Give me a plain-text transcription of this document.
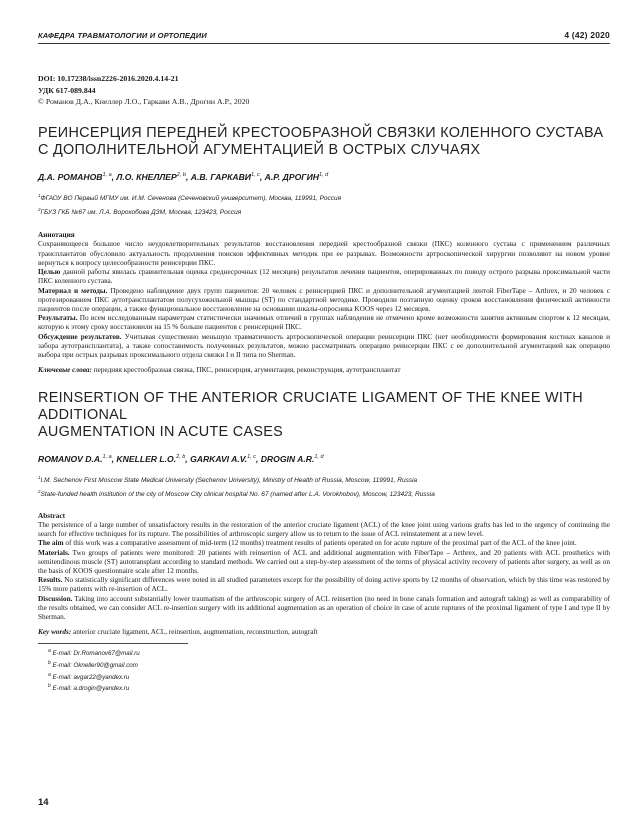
КАФЕДРА ТРАВМАТОЛОГИИ И ОРТОПЕДИИ	4 (42) 2020
DOI: 10.17238/issn2226-2016.2020.4.14-21
УДК 617-089.844
© Романов Д.А., Кнеллер Л.О., Гаркави А.В., Дрогин А.Р., 2020
РЕИНСЕРЦИЯ ПЕРЕДНЕЙ КРЕСТООБРАЗНОЙ СВЯЗКИ КОЛЕННОГО СУСТАВА
С ДОПОЛНИТЕЛЬНОЙ АГУМЕНТАЦИЕЙ В ОСТРЫХ СЛУЧАЯХ
Д.А. РОМАНОВ$^{1, a}$, Л.О. КНЕЛЛЕР$^{2, b}$, А.В. ГАРКАВИ$^{1, c}$, А.Р. ДРОГИН$^{1, d}$
$^1$ФГАОУ ВО Первый МГМУ им. И.М. Сеченова (Сеченовский университет), Москва, 119991, Россия
$^2$ГБУЗ ГКБ №67 им. Л.А. Ворохобова ДЗМ, Москва, 123423, Россия
Аннотация

Сохраняющееся большое число неудовлетворительных результатов восстановления передней крестообразной связки (ПКС) коленного сустава с применением различных трансплантатов обусловило актуальность продолжения поисков эффективных методик при ее разрывах. Возможности артроскопической хирургии позволяют на новом уровне вернуться к вопросу целесообразности реинсерции ПКС.

Целью данной работы явилась сравнительная оценка среднесрочных (12 месяцев) результатов лечения пациентов, оперированных по поводу острого разрыва проксимальной части ПКС коленного сустава.

Материал и методы. Проведено наблюдение двух групп пациентов: 20 человек с реинсерцией ПКС и дополнительной агументацией лентой FiberTape – Arthrex, и 20 человек с протезированием ПКС аутотрансплантатом полусухожильной мышцы (ST) по стандартной методике. Проводили поэтапную оценку сроков восстановления физической активности пациентов после операции, а также функциональное восстановление на основании шкалы-опросника KOOS через 12 месяцев.

Результаты. По всем исследованным параметрам статистически значимых отличий в группах наблюдения не отмечено кроме возможности занятия активным спортом к 12 месяцам, которую к этому сроку восстановили на 15 % больше пациентов с реинсерцией ПКС.

Обсуждение результатов. Учитывая существенно меньшую травматичность артроскопической операции реинсерции ПКС (нет необходимости формирования костных каналов и забора аутотрансплантата), а также сопоставимость полученных результатов, можно рассматривать операцию реинсерции ПКС с ее дополнительной агументацией как операцию выбора при острых разрывах проксимального отдела связки I и II типа по Sherman.

Ключевые слова: передняя крестообразная связка, ПКС, реинсерция, агументация, реконструкция, аутотрансплантат
REINSERTION OF THE ANTERIOR CRUCIATE LIGAMENT OF THE KNEE WITH ADDITIONAL
AUGMENTATION IN ACUTE CASES
ROMANOV D.A.$^{1, a}$, KNELLER L.O.$^{2, b}$, GARKAVI A.V.$^{1, c}$, DROGIN A.R.$^{1, d}$
$^1$I.M. Sechenov First Moscow State Medical University (Sechenov University), Ministry of Health of Russia, Moscow, 119991, Russia
$^2$State-funded health institution of the city of Moscow City clinical hospital No. 67 (named after L.A. Vorokhobov), Moscow, 123423, Russia
Abstract

The persistence of a large number of unsatisfactory results in the restoration of the anterior cruciate ligament (ACL) of the knee joint using various grafts has led to the urgency of continuing the search for effective techniques for its rupture. The possibilities of arthroscopic surgery allow us to return to the issue of ACL reinstatement at a new level.

The aim of this work was a comparative assessment of mid-term (12 months) treatment results of patients operated on for acute rupture of the proximal part of the ACL of the knee joint.

Materials. Two groups of patients were monitored: 20 patients with reinsertion of ACL and additional augmentation with FiberTape – Arthrex, and 20 patients with ACL prosthetics with semitendinous muscle (ST) autotransplant according to standard methods. We carried out a step-by-step assessment of the terms of physical activity recovery of patients after surgery, as well as on the basis of KOOS questionnaire scale after 12 months.

Results. No statistically significant differences were noted in all studied parameters except for the possibility of doing active sports by 12 months of observation, which by this time was restored by 15% more patients with re-insertion of ACL.

Discussion. Taking into account substantially lower traumatism of the arthroscopic surgery of ACL reinsertion (no need in bone canals formation and autograft taking) as well as comparability of the results obtained, we can consider ACL re-insertion surgery with its additional augmentation as an operation of choice in case of acute ruptures of the proximal ligament of type I and type II by Sherman.

Key words: anterior cruciate ligament, ACL, reinsertion, augmentation, reconstruction, autograft
$^a$ E-mail: Dr.Romanov67@mail.ru
$^b$ E-mail: Okneller90@gmail.com
$^a$ E-mail: avgar22@yandex.ru
$^b$ E-mail: a.drogin@yandex.ru
14
